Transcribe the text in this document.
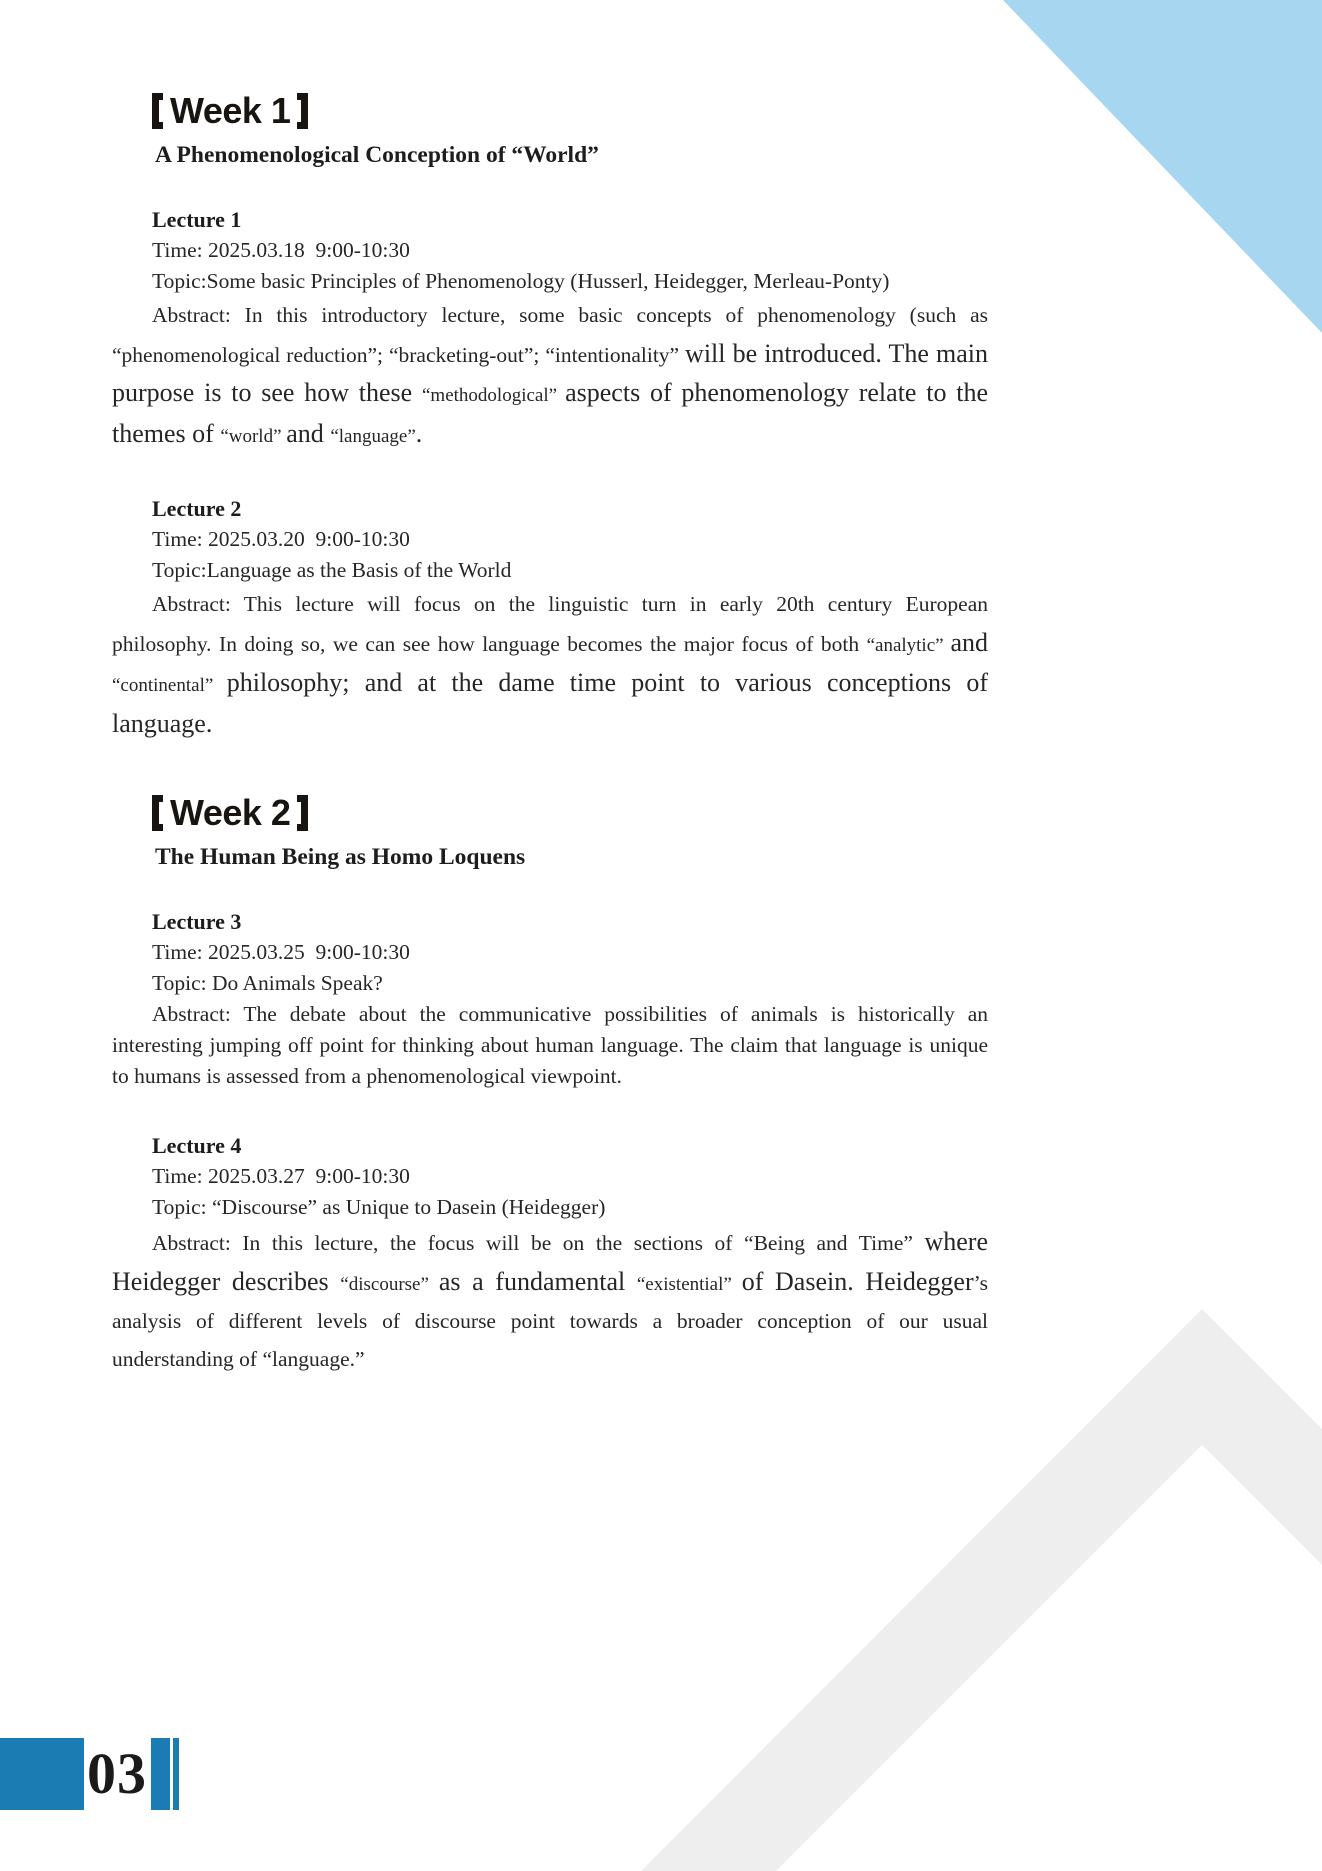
Week 1

A Phenomenological Conception of “World”

Lecture 1

Time: 2025.03.18  9:00-10:30

Topic:Some basic Principles of Phenomenology (Husserl, Heidegger, Merleau-Ponty)

Abstract: In this introductory lecture, some basic concepts of phenomenology (such as “phenomenological reduction”; “bracketing-out”; “intentionality” will be introduced. The main purpose is to see how these “methodological” aspects of phenomenology relate to the themes of “world” and “language”.

Lecture 2

Time: 2025.03.20  9:00-10:30

Topic:Language as the Basis of the World

Abstract: This lecture will focus on the linguistic turn in early 20th century European philosophy. In doing so, we can see how language becomes the major focus of both “analytic” and “continental” philosophy; and at the dame time point to various conceptions of language.

Week 2

The Human Being as Homo Loquens

Lecture 3

Time: 2025.03.25  9:00-10:30

Topic: Do Animals Speak?

Abstract: The debate about the communicative possibilities of animals is historically an interesting jumping off point for thinking about human language. The claim that language is unique to humans is assessed from a phenomenological viewpoint.

Lecture 4

Time: 2025.03.27  9:00-10:30

Topic: “Discourse” as Unique to Dasein (Heidegger)

Abstract: In this lecture, the focus will be on the sections of “Being and Time” where Heidegger describes “discourse” as a fundamental “existential” of Dasein. Heidegger’s analysis of different levels of discourse point towards a broader conception of our usual understanding of “language.”

03
